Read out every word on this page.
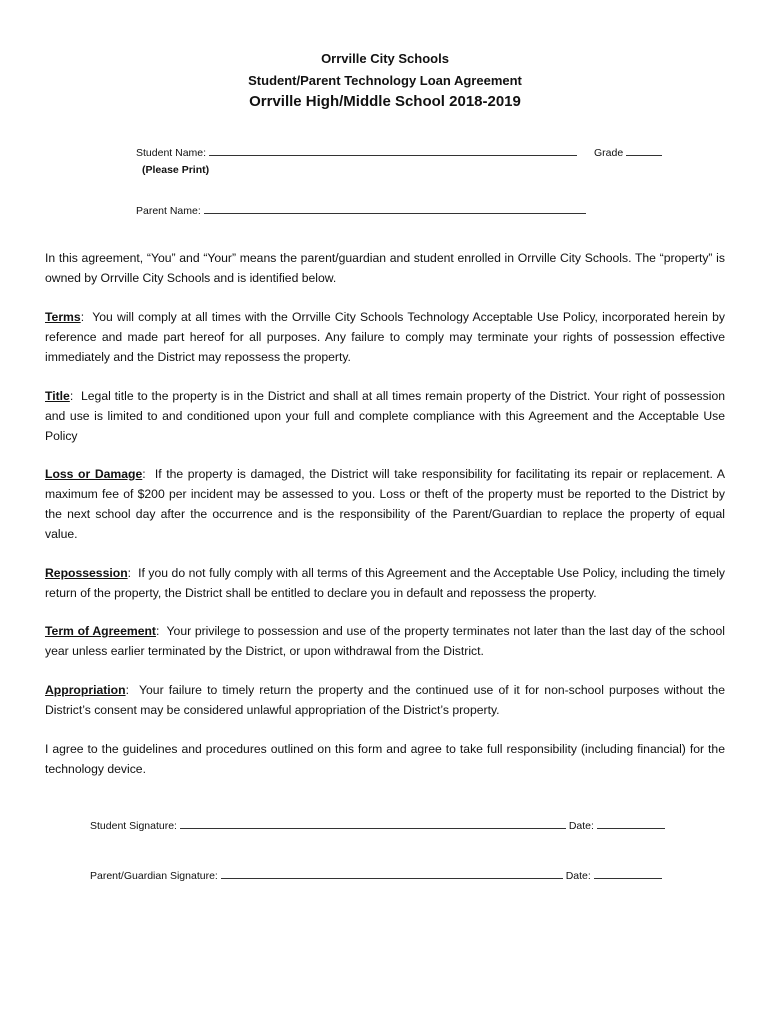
Orrville City Schools
Student/Parent Technology Loan Agreement
Orrville High/Middle School 2018-2019
Student Name:	Grade
(Please Print)
Parent Name:

In this agreement, “You” and “Your” means the parent/guardian and student enrolled in Orrville City Schools. The “property” is owned by Orrville City Schools and is identified below.

Terms:  You will comply at all times with the Orrville City Schools Technology Acceptable Use Policy, incorporated herein by reference and made part hereof for all purposes. Any failure to comply may terminate your rights of possession effective immediately and the District may repossess the property.

Title:  Legal title to the property is in the District and shall at all times remain property of the District. Your right of possession and use is limited to and conditioned upon your full and complete compliance with this Agreement and the Acceptable Use Policy

Loss or Damage:  If the property is damaged, the District will take responsibility for facilitating its repair or replacement. A maximum fee of $200 per incident may be assessed to you. Loss or theft of the property must be reported to the District by the next school day after the occurrence and is the responsibility of the Parent/Guardian to replace the property of equal value.

Repossession:  If you do not fully comply with all terms of this Agreement and the Acceptable Use Policy, including the timely return of the property, the District shall be entitled to declare you in default and repossess the property.

Term of Agreement:  Your privilege to possession and use of the property terminates not later than the last day of the school year unless earlier terminated by the District, or upon withdrawal from the District.

Appropriation:  Your failure to timely return the property and the continued use of it for non-school purposes without the District’s consent may be considered unlawful appropriation of the District’s property.

I agree to the guidelines and procedures outlined on this form and agree to take full responsibility (including financial) for the technology device.

Student Signature:	Date:
Parent/Guardian Signature:	Date:
